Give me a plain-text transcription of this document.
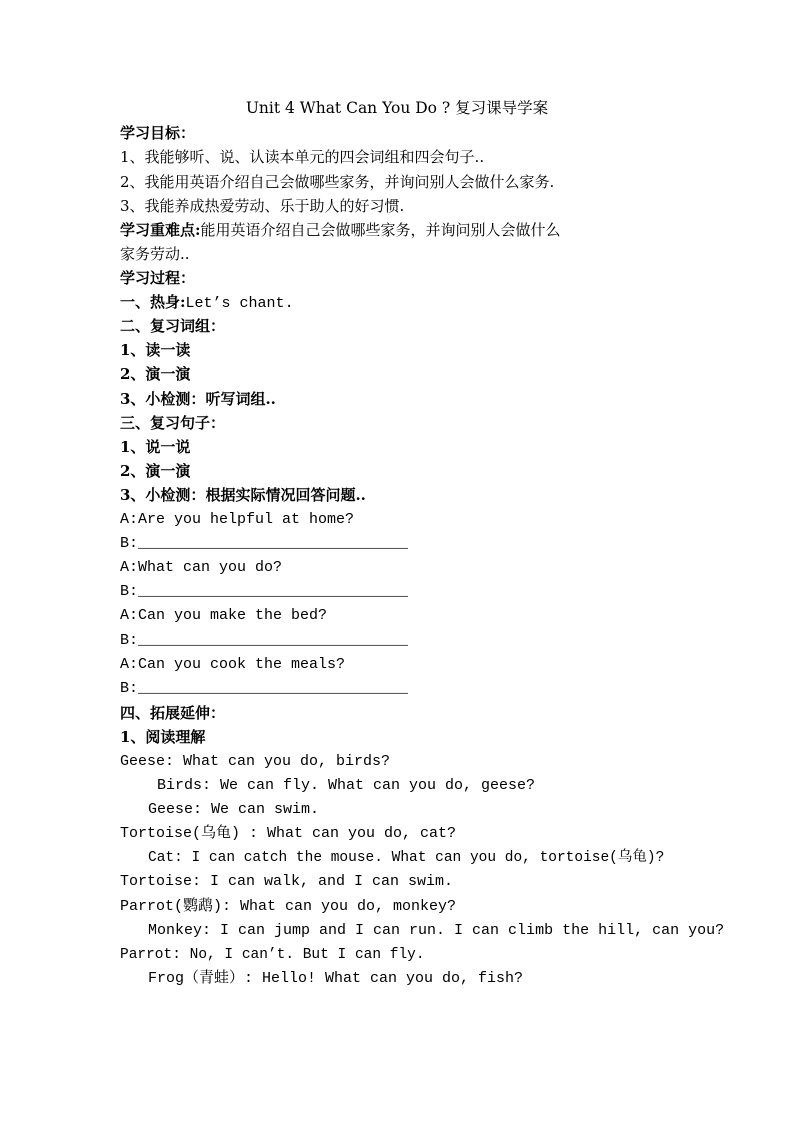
Unit 4 What Can You Do ? 复习课导学案
学习目标：
1、我能够听、说、认读本单元的四会词组和四会句子..
2、我能用英语介绍自己会做哪些家务，并询问别人会做什么家务.
3、我能养成热爱劳动、乐于助人的好习惯.
学习重难点:能用英语介绍自己会做哪些家务，并询问别人会做什么
家务劳动..
学习过程：
一、热身:Let’s chant.
二、复习词组：
1、读一读
2、演一演
3、小检测：听写词组..
三、复习句子：
1、说一说
2、演一演
3、小检测：根据实际情况回答问题..
A:Are you helpful at home?
B:______________________________
A:What can you do?
B:______________________________
A:Can you make the bed?
B:______________________________
A:Can you cook the meals?
B:______________________________
四、拓展延伸：
1、阅读理解
Geese: What can you do, birds?
Birds: We can fly. What can you do, geese?
Geese: We can swim.
Tortoise(乌龟) : What can you do, cat?
Cat: I can catch the mouse. What can you do, tortoise(乌龟)?
Tortoise: I can walk, and I can swim.
Parrot(鹦鹉): What can you do, monkey?
Monkey: I can jump and I can run. I can climb the hill, can you?
Parrot: No, I can’t. But I can fly.
Frog（青蛙）: Hello! What can you do, fish?
